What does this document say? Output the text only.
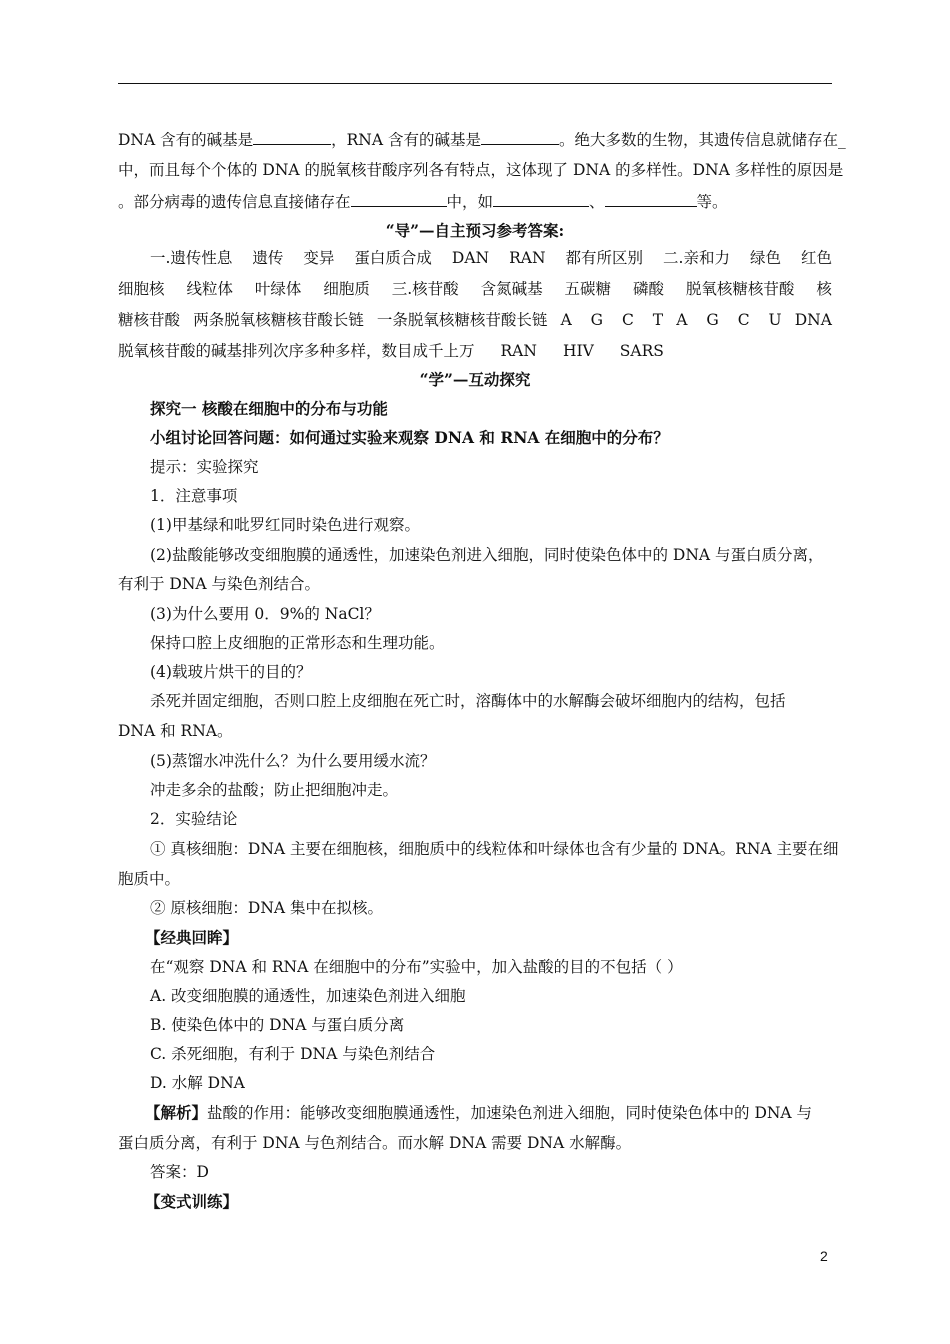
DNA 含有的碱基是	，RNA 含有的碱基是	。绝大多数的生物，其遗传信息就储存在_
中，而且每个个体的 DNA 的脱氧核苷酸序列各有特点，这体现了 DNA 的多样性。DNA 多样性的原因是
。部分病毒的遗传信息直接储存在	中，如	、	等。
“导”—自主预习参考答案:
一.遗传性息 遗传 变异 蛋白质合成 DAN RAN 都有所区别 二.亲和力 绿色 红色
细胞核 线粒体 叶绿体 细胞质 三.核苷酸 含氮碱基 五碳糖 磷酸 脱氧核糖核苷酸 核
糖核苷酸 两条脱氧核糖核苷酸长链 一条脱氧核糖核苷酸长链 A G C T A G C U DNA
脱氧核苷酸的碱基排列次序多种多样，数目成千上万 RAN HIV SARS
“学”—互动探究
探究一 核酸在细胞中的分布与功能
小组讨论回答问题：如何通过实验来观察 DNA 和 RNA 在细胞中的分布？
提示：实验探究
1．注意事项
(1)甲基绿和吡罗红同时染色进行观察。
(2)盐酸能够改变细胞膜的通透性，加速染色剂进入细胞，同时使染色体中的 DNA 与蛋白质分离，
有利于 DNA 与染色剂结合。
(3)为什么要用 0．9%的 NaCl？
保持口腔上皮细胞的正常形态和生理功能。
(4)载玻片烘干的目的？
杀死并固定细胞，否则口腔上皮细胞在死亡时，溶酶体中的水解酶会破坏细胞内的结构，包括
DNA 和 RNA。
(5)蒸馏水冲洗什么？为什么要用缓水流？
冲走多余的盐酸；防止把细胞冲走。
2．实验结论
① 真核细胞：DNA 主要在细胞核，细胞质中的线粒体和叶绿体也含有少量的 DNA。RNA 主要在细
胞质中。
② 原核细胞：DNA 集中在拟核。
【经典回眸】
在“观察 DNA 和 RNA 在细胞中的分布”实验中，加入盐酸的目的不包括（ ）
A. 改变细胞膜的通透性，加速染色剂进入细胞
B. 使染色体中的 DNA 与蛋白质分离
C. 杀死细胞，有利于 DNA 与染色剂结合
D. 水解 DNA
【解析】盐酸的作用：能够改变细胞膜通透性，加速染色剂进入细胞，同时使染色体中的 DNA 与
蛋白质分离，有利于 DNA 与色剂结合。而水解 DNA 需要 DNA 水解酶。
答案：D
【变式训练】
2
